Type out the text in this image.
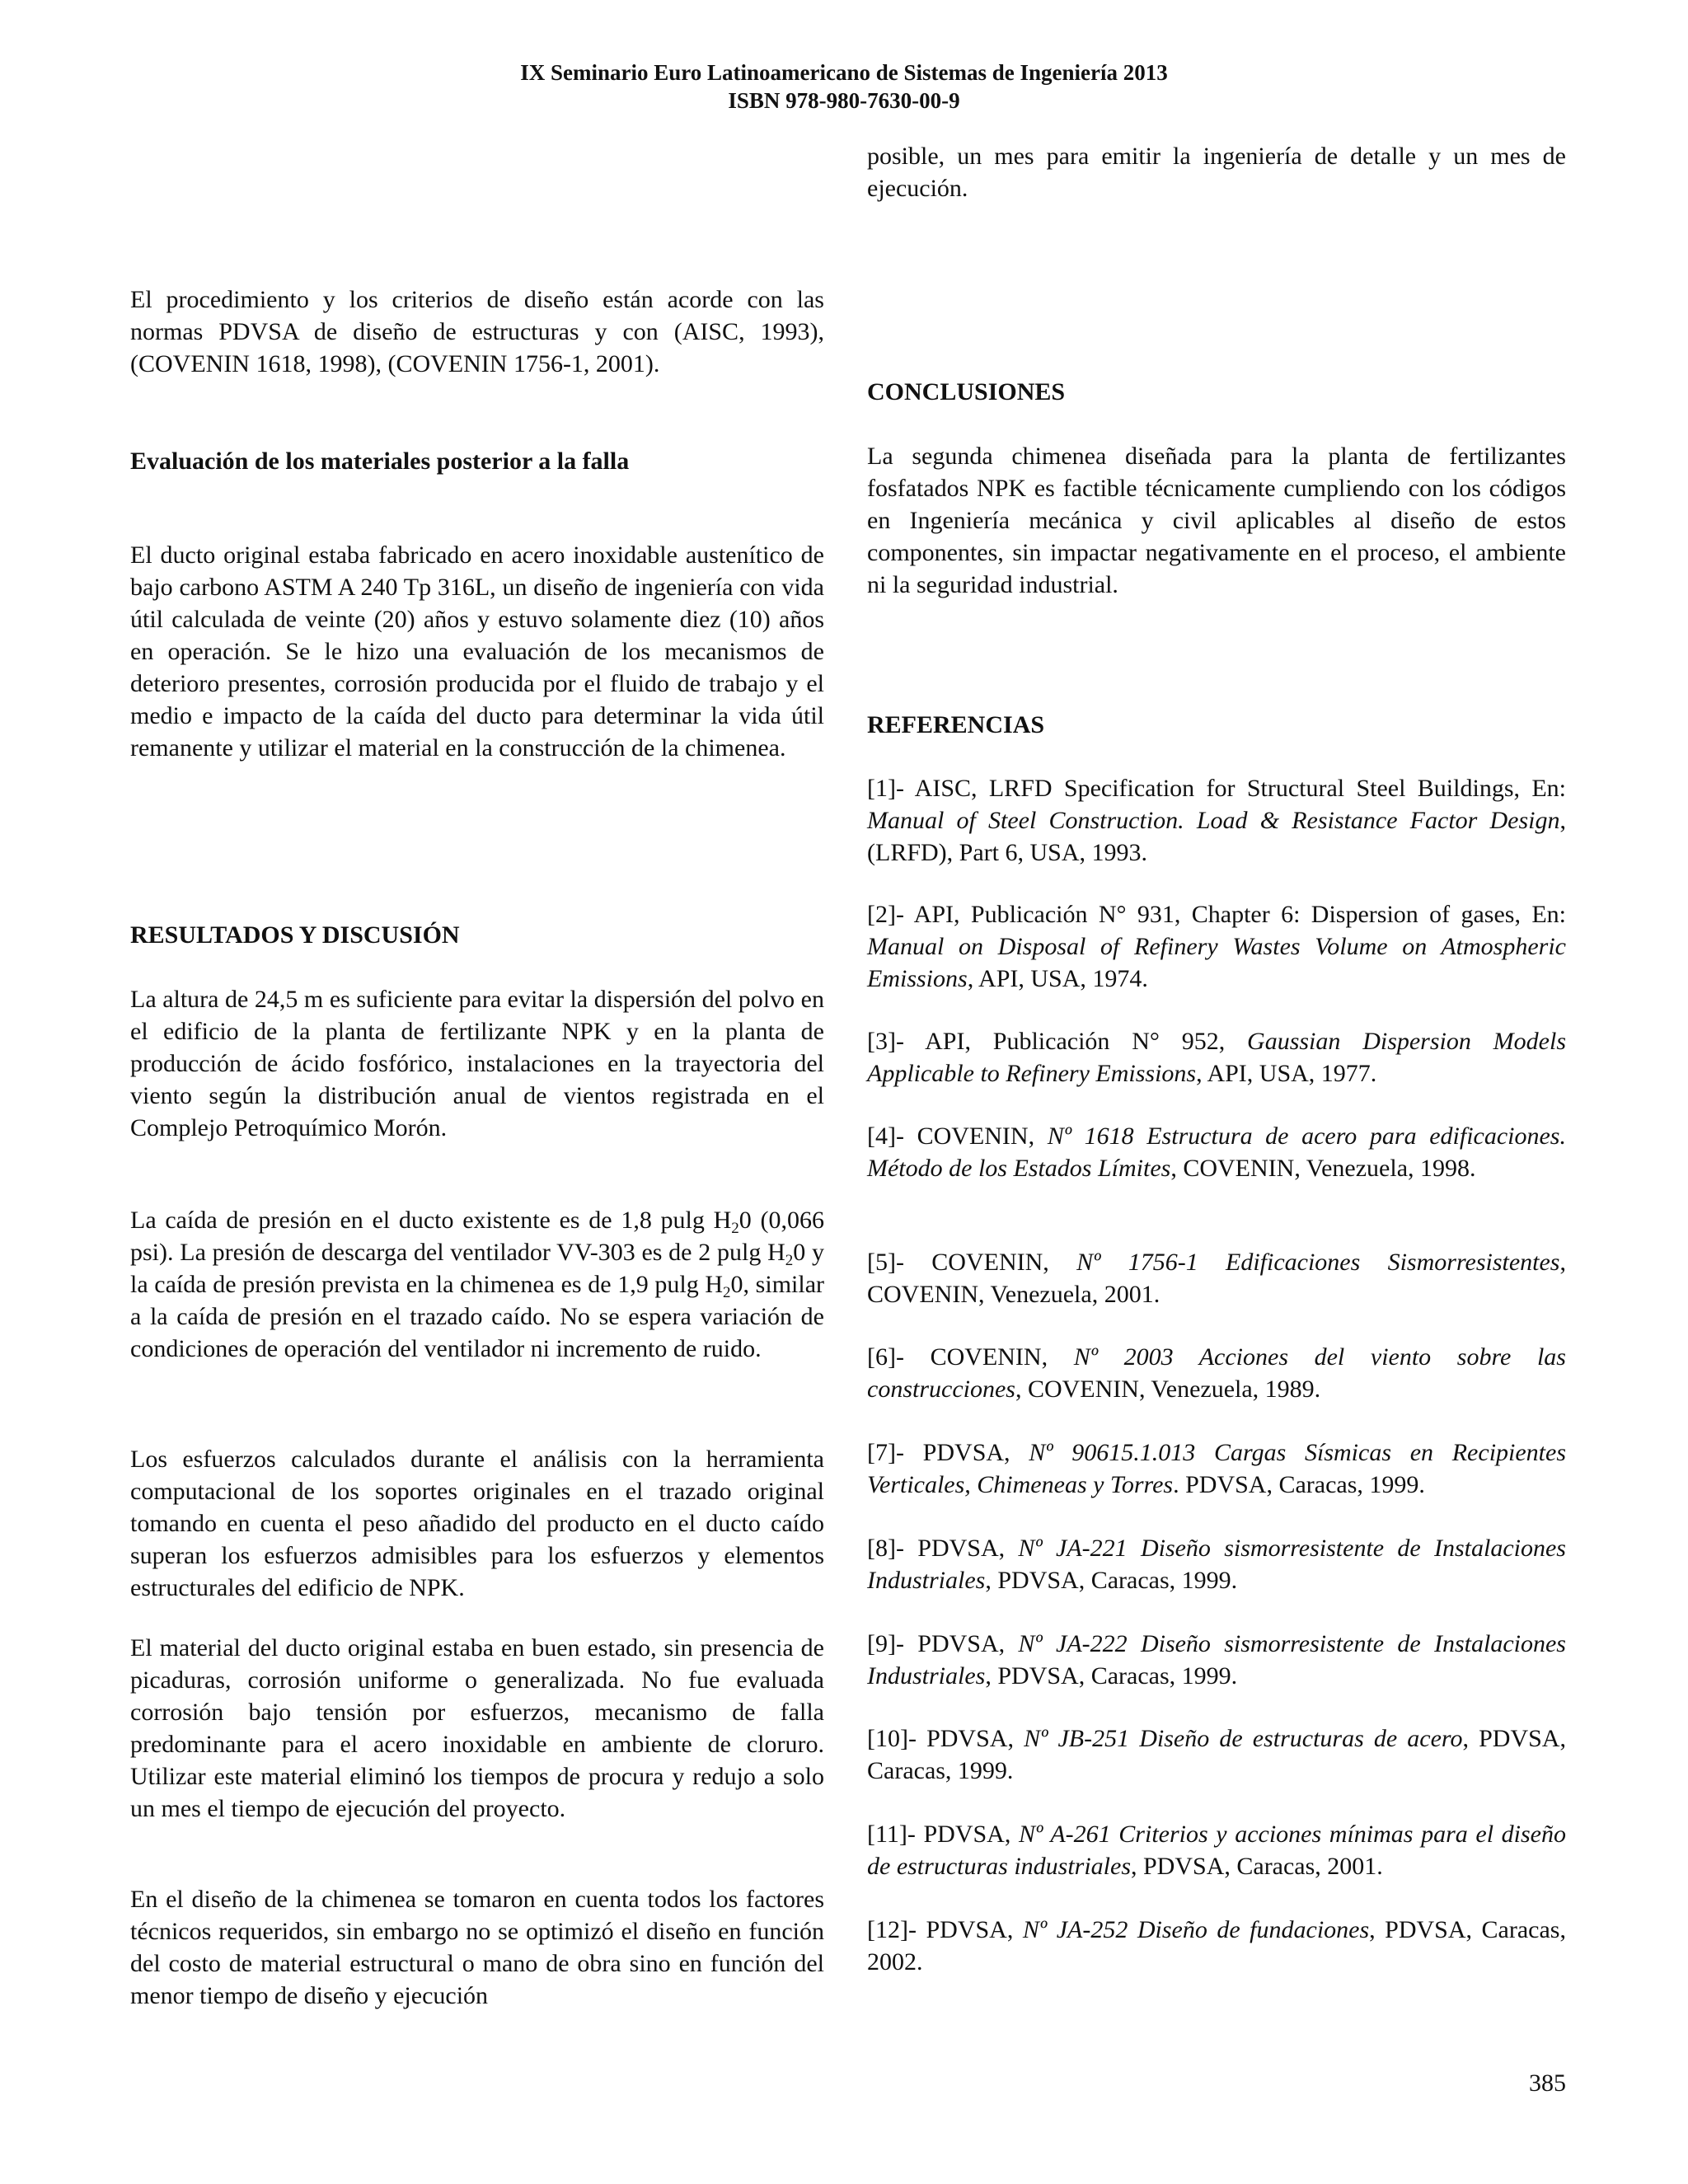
IX Seminario Euro Latinoamericano de Sistemas de Ingeniería 2013
ISBN 978-980-7630-00-9

El procedimiento y los criterios de diseño están acorde con las normas PDVSA de diseño de estructuras y con (AISC, 1993), (COVENIN 1618, 1998), (COVENIN 1756-1, 2001).

Evaluación de los materiales posterior a la falla

El ducto original estaba fabricado en acero inoxidable austenítico de bajo carbono ASTM A 240 Tp 316L, un diseño de ingeniería con vida útil calculada de veinte (20) años y estuvo solamente diez (10) años en operación. Se le hizo una evaluación de los mecanismos de deterioro presentes, corrosión producida por el fluido de trabajo y el medio e impacto de la caída del ducto para determinar la vida útil remanente y utilizar el material en la construcción de la chimenea.

RESULTADOS Y DISCUSIÓN

La altura de 24,5 m es suficiente para evitar la dispersión del polvo en el edificio de la planta de fertilizante NPK y en la planta de producción de ácido fosfórico, instalaciones en la trayectoria del viento según la distribución anual de vientos registrada en el Complejo Petroquímico Morón.

La caída de presión en el ducto existente es de 1,8 pulg $H_20$ (0,066 psi). La presión de descarga del ventilador VV-303 es de 2 pulg $H_20$ y la caída de presión prevista en la chimenea es de 1,9 pulg $H_20$, similar a la caída de presión en el trazado caído. No se espera variación de condiciones de operación del ventilador ni incremento de ruido.

Los esfuerzos calculados durante el análisis con la herramienta computacional de los soportes originales en el trazado original tomando en cuenta el peso añadido del producto en el ducto caído superan los esfuerzos admisibles para los esfuerzos y elementos estructurales del edificio de NPK.

El material del ducto original estaba en buen estado, sin presencia de picaduras, corrosión uniforme o generalizada. No fue evaluada corrosión bajo tensión por esfuerzos, mecanismo de falla predominante para el acero inoxidable en ambiente de cloruro. Utilizar este material eliminó los tiempos de procura y redujo a solo un mes el tiempo de ejecución del proyecto.

En el diseño de la chimenea se tomaron en cuenta todos los factores técnicos requeridos, sin embargo no se optimizó el diseño en función del costo de material estructural o mano de obra sino en función del menor tiempo de diseño y ejecución

posible, un mes para emitir la ingeniería de detalle y un mes de ejecución.

CONCLUSIONES

La segunda chimenea diseñada para la planta de fertilizantes fosfatados NPK es factible técnicamente cumpliendo con los códigos en Ingeniería mecánica y civil aplicables al diseño de estos componentes, sin impactar negativamente en el proceso, el ambiente ni la seguridad industrial.

REFERENCIAS

[1]- AISC, LRFD Specification for Structural Steel Buildings, En: Manual of Steel Construction. Load & Resistance Factor Design, (LRFD), Part 6, USA, 1993.

[2]- API, Publicación N° 931, Chapter 6: Dispersion of gases, En: Manual on Disposal of Refinery Wastes Volume on Atmospheric Emissions, API, USA, 1974.

[3]- API, Publicación N° 952, Gaussian Dispersion Models Applicable to Refinery Emissions, API, USA, 1977.

[4]- COVENIN, Nº 1618 Estructura de acero para edificaciones. Método de los Estados Límites, COVENIN, Venezuela, 1998.

[5]- COVENIN, Nº 1756-1 Edificaciones Sismorresistentes, COVENIN, Venezuela, 2001.

[6]- COVENIN, Nº 2003 Acciones del viento sobre las construcciones, COVENIN, Venezuela, 1989.

[7]- PDVSA, Nº 90615.1.013 Cargas Sísmicas en Recipientes Verticales, Chimeneas y Torres. PDVSA, Caracas, 1999.

[8]- PDVSA, Nº JA-221 Diseño sismorresistente de Instalaciones Industriales, PDVSA, Caracas, 1999.

[9]- PDVSA, Nº JA-222 Diseño sismorresistente de Instalaciones Industriales, PDVSA, Caracas, 1999.

[10]- PDVSA, Nº JB-251 Diseño de estructuras de acero, PDVSA, Caracas, 1999.

[11]- PDVSA, Nº A-261 Criterios y acciones mínimas para el diseño de estructuras industriales, PDVSA, Caracas, 2001.

[12]- PDVSA, Nº JA-252 Diseño de fundaciones, PDVSA, Caracas, 2002.

385
